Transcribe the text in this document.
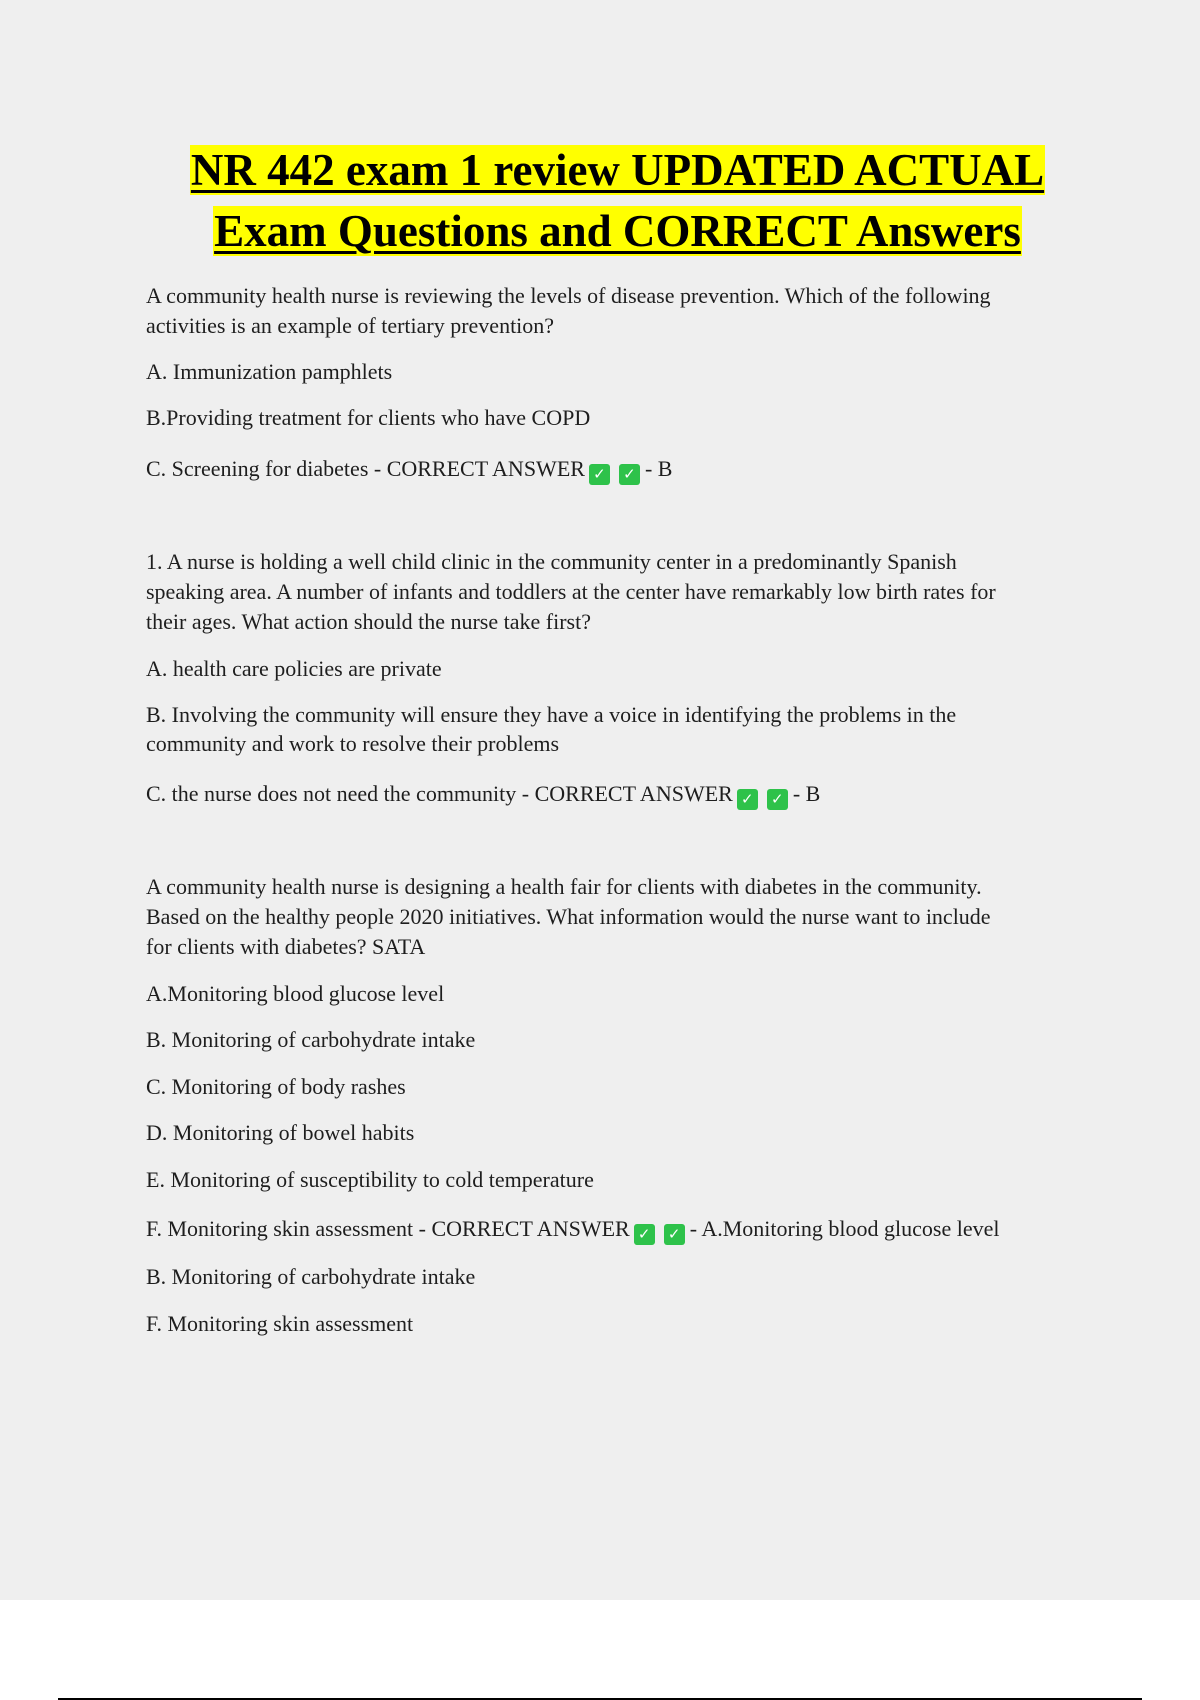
NR 442 exam 1 review UPDATED ACTUAL
Exam Questions and CORRECT Answers
A community health nurse is reviewing the levels of disease prevention. Which of the following
activities is an example of tertiary prevention?
A. Immunization pamphlets
B.Providing treatment for clients who have COPD
C. Screening for diabetes - CORRECT ANSWER ✓ ✓ - B
1. A nurse is holding a well child clinic in the community center in a predominantly Spanish
speaking area. A number of infants and toddlers at the center have remarkably low birth rates for
their ages. What action should the nurse take first?
A. health care policies are private
B. Involving the community will ensure they have a voice in identifying the problems in the
community and work to resolve their problems
C. the nurse does not need the community - CORRECT ANSWER ✓ ✓ - B
A community health nurse is designing a health fair for clients with diabetes in the community.
Based on the healthy people 2020 initiatives. What information would the nurse want to include
for clients with diabetes? SATA
A.Monitoring blood glucose level
B. Monitoring of carbohydrate intake
C. Monitoring of body rashes
D. Monitoring of bowel habits
E. Monitoring of susceptibility to cold temperature
F. Monitoring skin assessment - CORRECT ANSWER ✓ ✓ - A.Monitoring blood glucose level
B. Monitoring of carbohydrate intake
F. Monitoring skin assessment
